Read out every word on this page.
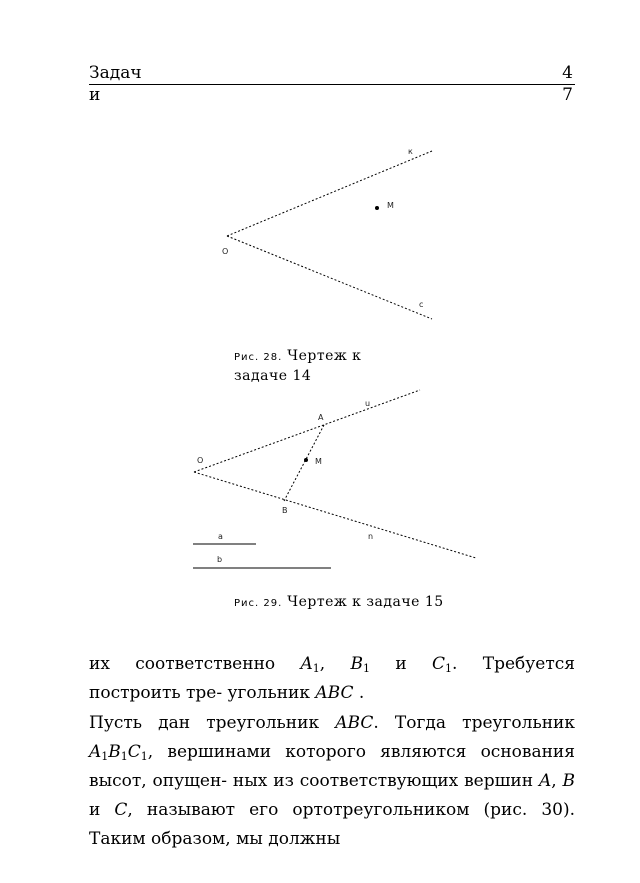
Задач
и
4
7
O
M
к
c
Рис. 28. Чертеж к
задаче 14
O
A
B
M
u
n
a
b
Рис. 29. Чертеж к задаче 15
их соответственно $A_1$, $B_1$ и $C_1$. Требуется
построить тре- угольник ABC .
Пусть дан треугольник ABC. Тогда треугольник $A_1B_1C_1$, вершинами которого являются основания высот, опущен- ных из соответствующих вершин A, B и C, называют его ортотреугольником (рис. 30). Таким образом, мы должны
